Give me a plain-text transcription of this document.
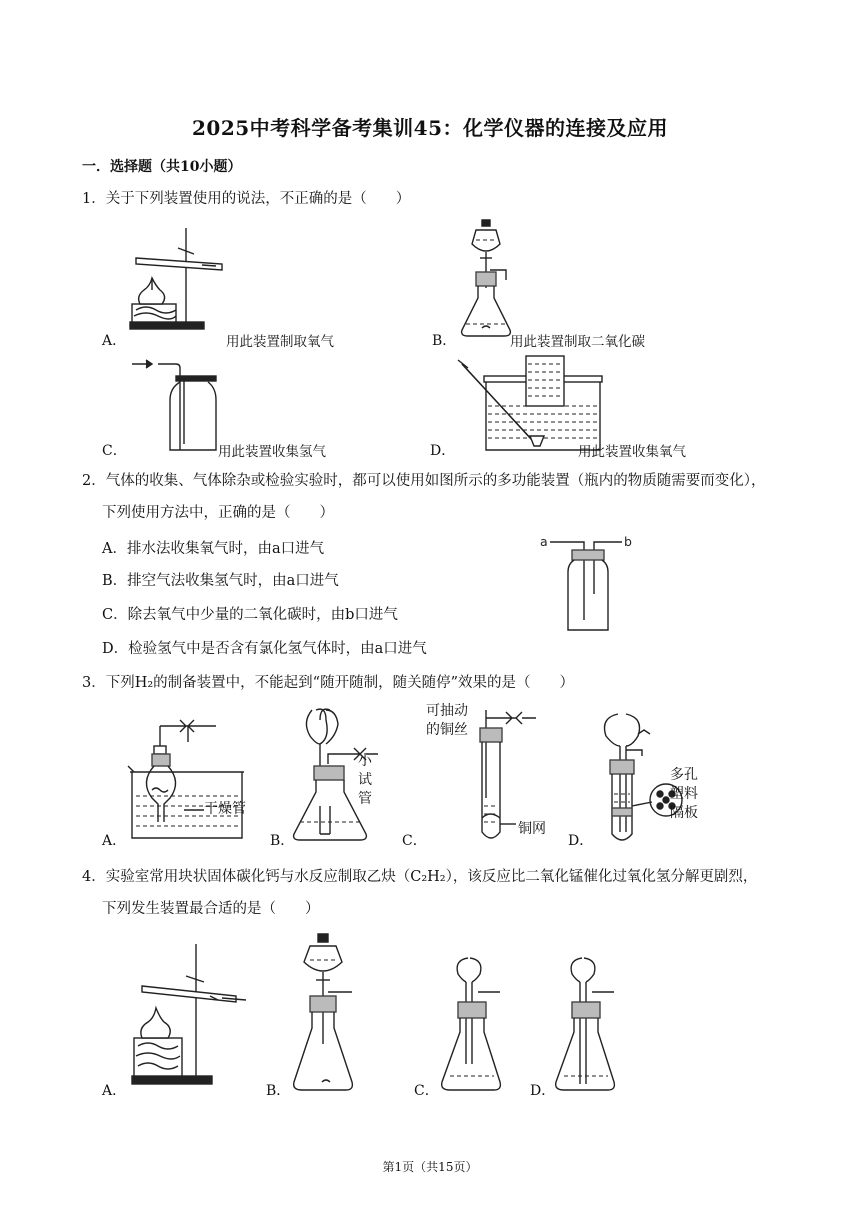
2025中考科学备考集训45：化学仪器的连接及应用
一．选择题（共10小题）
1．关于下列装置使用的说法，不正确的是（　　）
A．	用此装置制取氧气	B．	用此装置制取二氧化碳
C．	用此装置收集氢气	D．	用此装置收集氧气
2．气体的收集、气体除杂或检验实验时，都可以使用如图所示的多功能装置（瓶内的物质随需要而变化），
下列使用方法中，正确的是（　　）
A．排水法收集氧气时，由a口进气
B．排空气法收集氢气时，由a口进气
C．除去氧气中少量的二氧化碳时，由b口进气
D．检验氢气中是否含有氯化氢气体时，由a口进气
a	b
3．下列H₂的制备装置中，不能起到“随开随制，随关随停”效果的是（　　）
A．
干燥管
B．
小试管
可抽动的铜丝
C．
铜网
D．
多孔塑料隔板
4．实验室常用块状固体碳化钙与水反应制取乙炔（C₂H₂），该反应比二氧化锰催化过氧化氢分解更剧烈，
下列发生装置最合适的是（　　）
A．	B．	C．	D．
第1页（共15页）
